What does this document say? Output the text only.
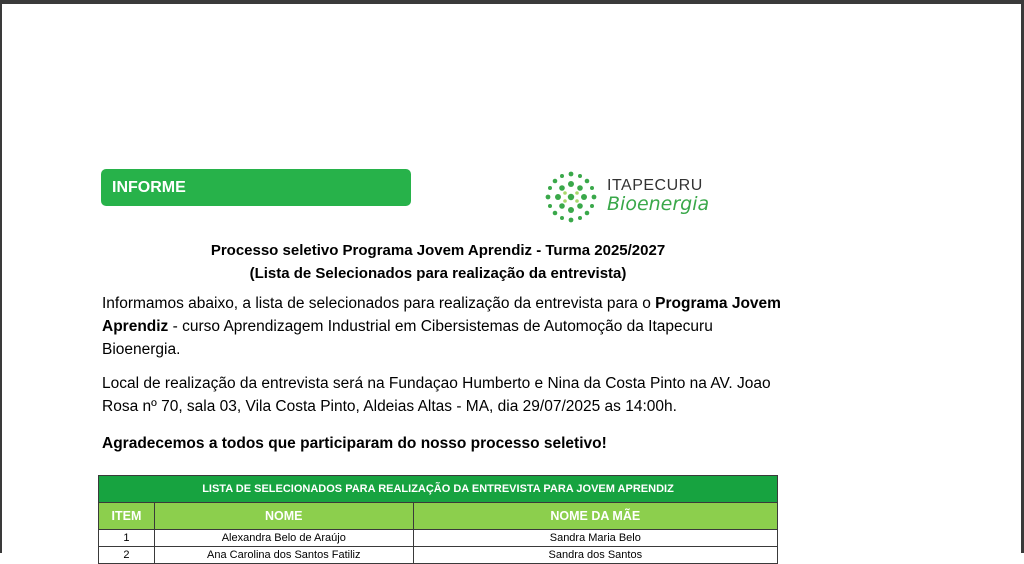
INFORME	ITAPECURU
Bioenergia
Processo seletivo Programa Jovem Aprendiz - Turma 2025/2027
(Lista de Selecionados para realização da entrevista)
Informamos abaixo, a lista de selecionados para realização da entrevista para o Programa Jovem Aprendiz - curso Aprendizagem Industrial em Cibersistemas de Automoção da Itapecuru Bioenergia.
Local de realização da entrevista será na Fundaçao Humberto e Nina da Costa Pinto na AV. Joao Rosa nº 70, sala 03, Vila Costa Pinto, Aldeias Altas - MA, dia 29/07/2025 as 14:00h.
Agradecemos a todos que participaram do nosso processo seletivo!
LISTA DE SELECIONADOS PARA REALIZAÇÃO DA ENTREVISTA PARA JOVEM APRENDIZ		
ITEM	NOME	NOME DA MÃE
1	Alexandra Belo de Araújo	Sandra Maria Belo
2	Ana Carolina dos Santos Fatiliz	Sandra dos Santos
